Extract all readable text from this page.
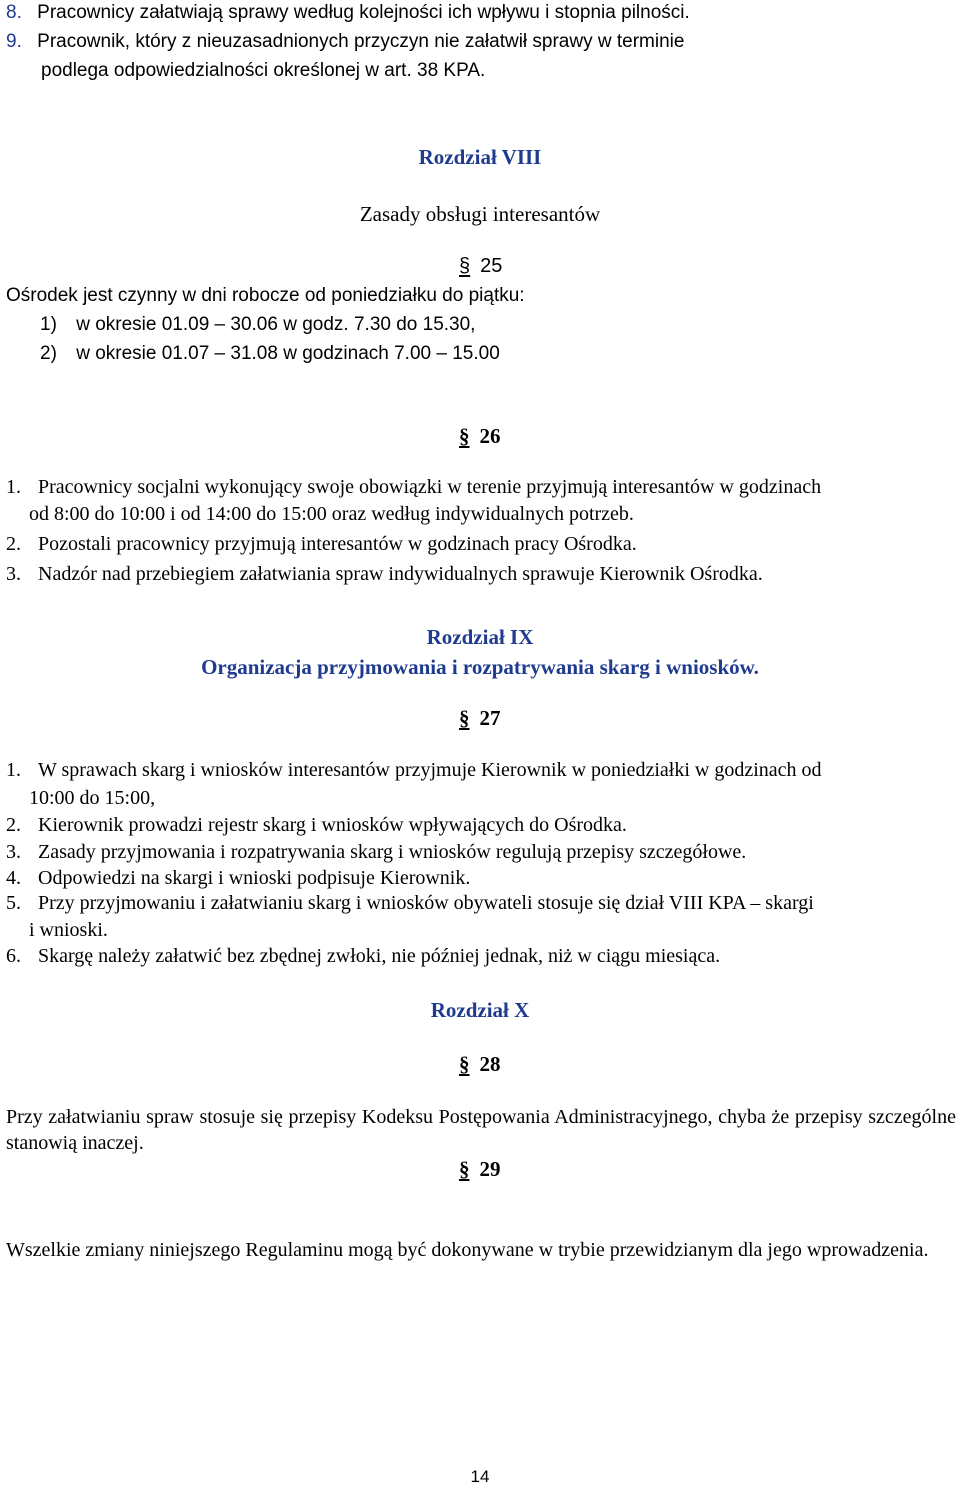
8. Pracownicy załatwiają sprawy według kolejności ich wpływu i stopnia pilności.
9. Pracownik, który z nieuzasadnionych przyczyn nie załatwił sprawy w terminie
podlega odpowiedzialności określonej w art. 38 KPA.
Rozdział VIII
Zasady obsługi interesantów
§ 25
Ośrodek jest czynny w dni robocze od poniedziałku do piątku:
1) w okresie 01.09 – 30.06 w godz. 7.30 do 15.30,
2) w okresie 01.07 – 31.08 w godzinach 7.00 – 15.00
§ 26
1. Pracownicy socjalni wykonujący swoje obowiązki w terenie przyjmują interesantów w godzinach
od 8:00 do 10:00 i od 14:00 do 15:00 oraz według indywidualnych potrzeb.
2. Pozostali pracownicy przyjmują interesantów w godzinach pracy Ośrodka.
3. Nadzór nad przebiegiem załatwiania spraw indywidualnych sprawuje Kierownik Ośrodka.
Rozdział IX
Organizacja przyjmowania i rozpatrywania skarg i wniosków.
§ 27
1. W sprawach skarg i wniosków interesantów przyjmuje Kierownik w poniedziałki w godzinach od
10:00 do 15:00,
2. Kierownik prowadzi rejestr skarg i wniosków wpływających do Ośrodka.
3. Zasady przyjmowania i rozpatrywania skarg i wniosków regulują przepisy szczegółowe.
4. Odpowiedzi na skargi i wnioski podpisuje Kierownik.
5. Przy przyjmowaniu i załatwianiu skarg i wniosków obywateli stosuje się dział VIII KPA – skargi
i wnioski.
6. Skargę należy załatwić bez zbędnej zwłoki, nie później jednak, niż w ciągu miesiąca.
Rozdział X
§ 28
Przy załatwianiu spraw stosuje się przepisy Kodeksu Postępowania Administracyjnego, chyba że przepisy szczególne stanowią inaczej.
§ 29
Wszelkie zmiany niniejszego Regulaminu mogą być dokonywane w trybie przewidzianym dla jego wprowadzenia.
14
